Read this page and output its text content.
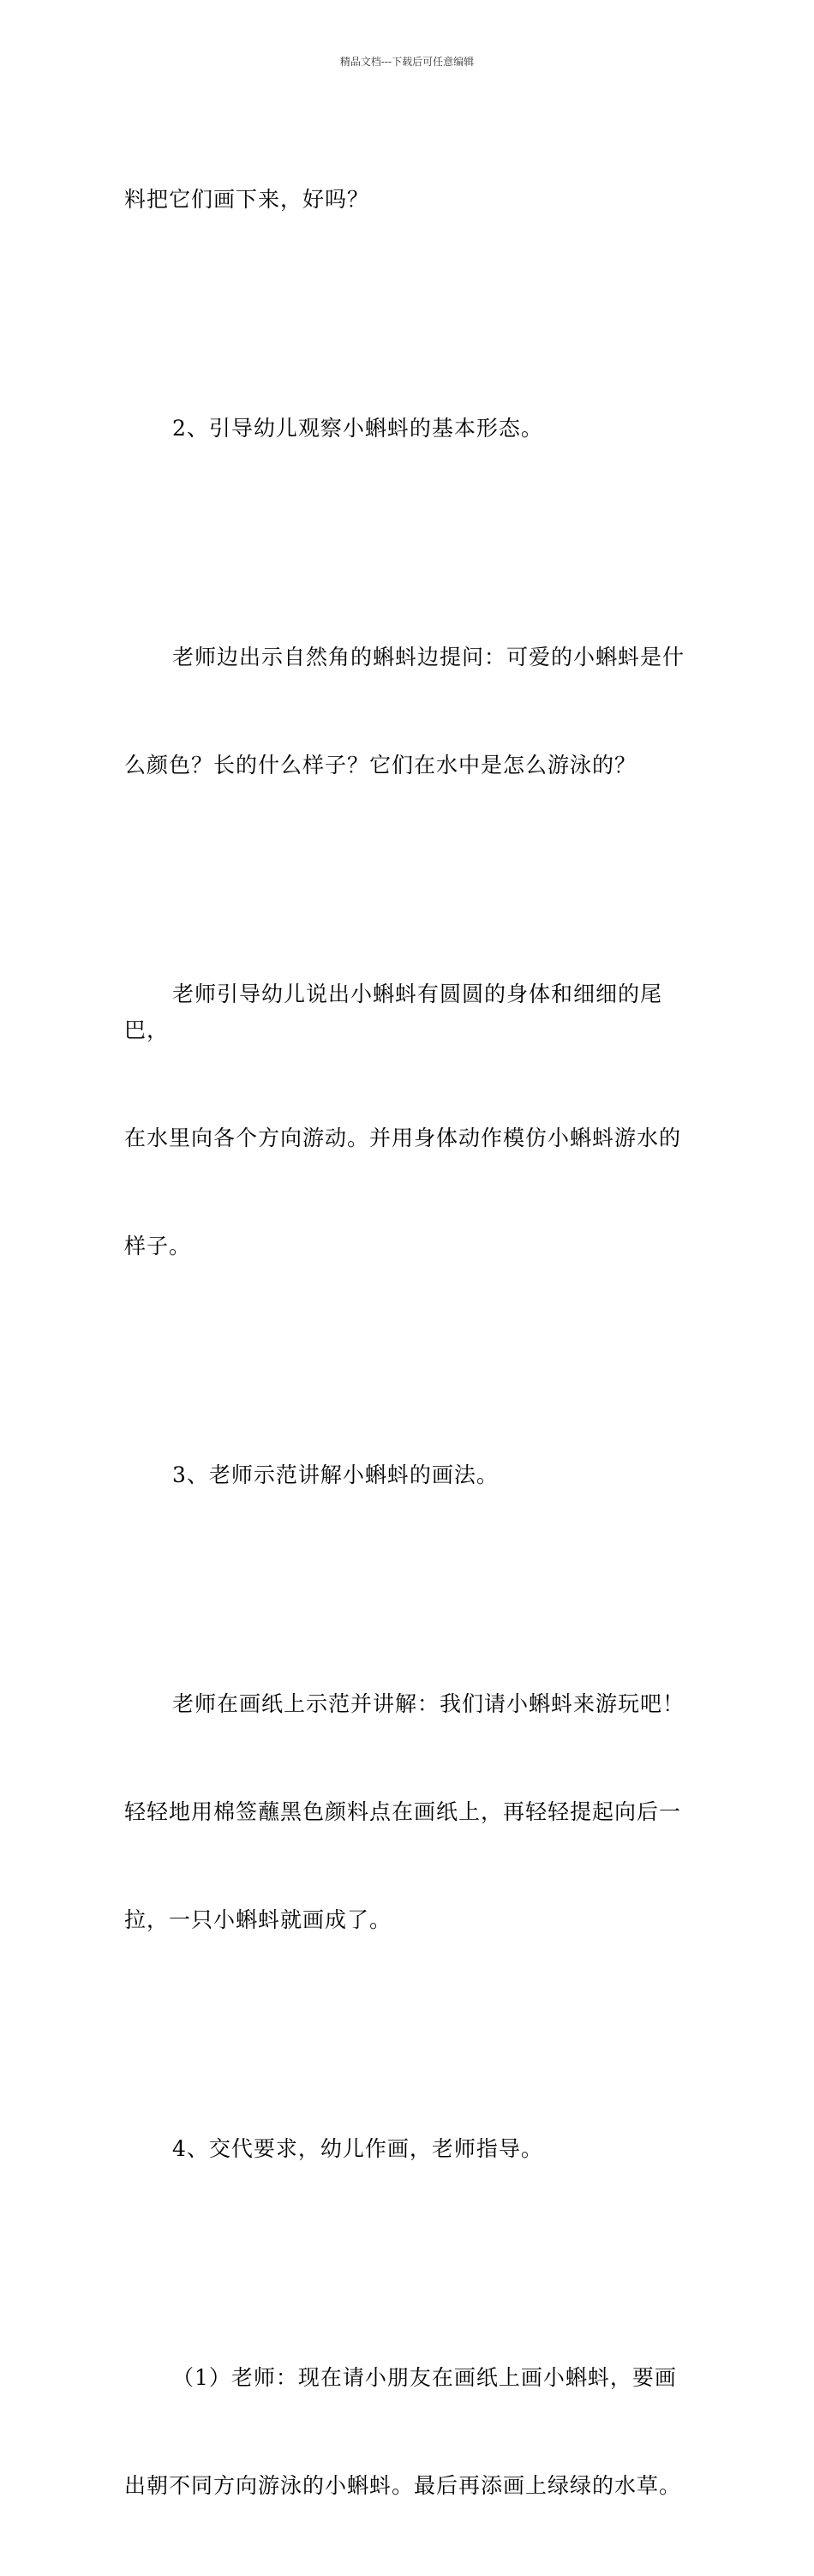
精品文档---下载后可任意编辑

料把它们画下来，好吗？

2、引导幼儿观察小蝌蚪的基本形态。

老师边出示自然角的蝌蚪边提问：可爱的小蝌蚪是什

么颜色？长的什么样子？它们在水中是怎么游泳的？

老师引导幼儿说出小蝌蚪有圆圆的身体和细细的尾巴，

在水里向各个方向游动。并用身体动作模仿小蝌蚪游水的

样子。

3、老师示范讲解小蝌蚪的画法。

老师在画纸上示范并讲解：我们请小蝌蚪来游玩吧！

轻轻地用棉签蘸黑色颜料点在画纸上，再轻轻提起向后一

拉，一只小蝌蚪就画成了。

4、交代要求，幼儿作画，老师指导。

（1）老师：现在请小朋友在画纸上画小蝌蚪，要画

出朝不同方向游泳的小蝌蚪。最后再添画上绿绿的水草。
